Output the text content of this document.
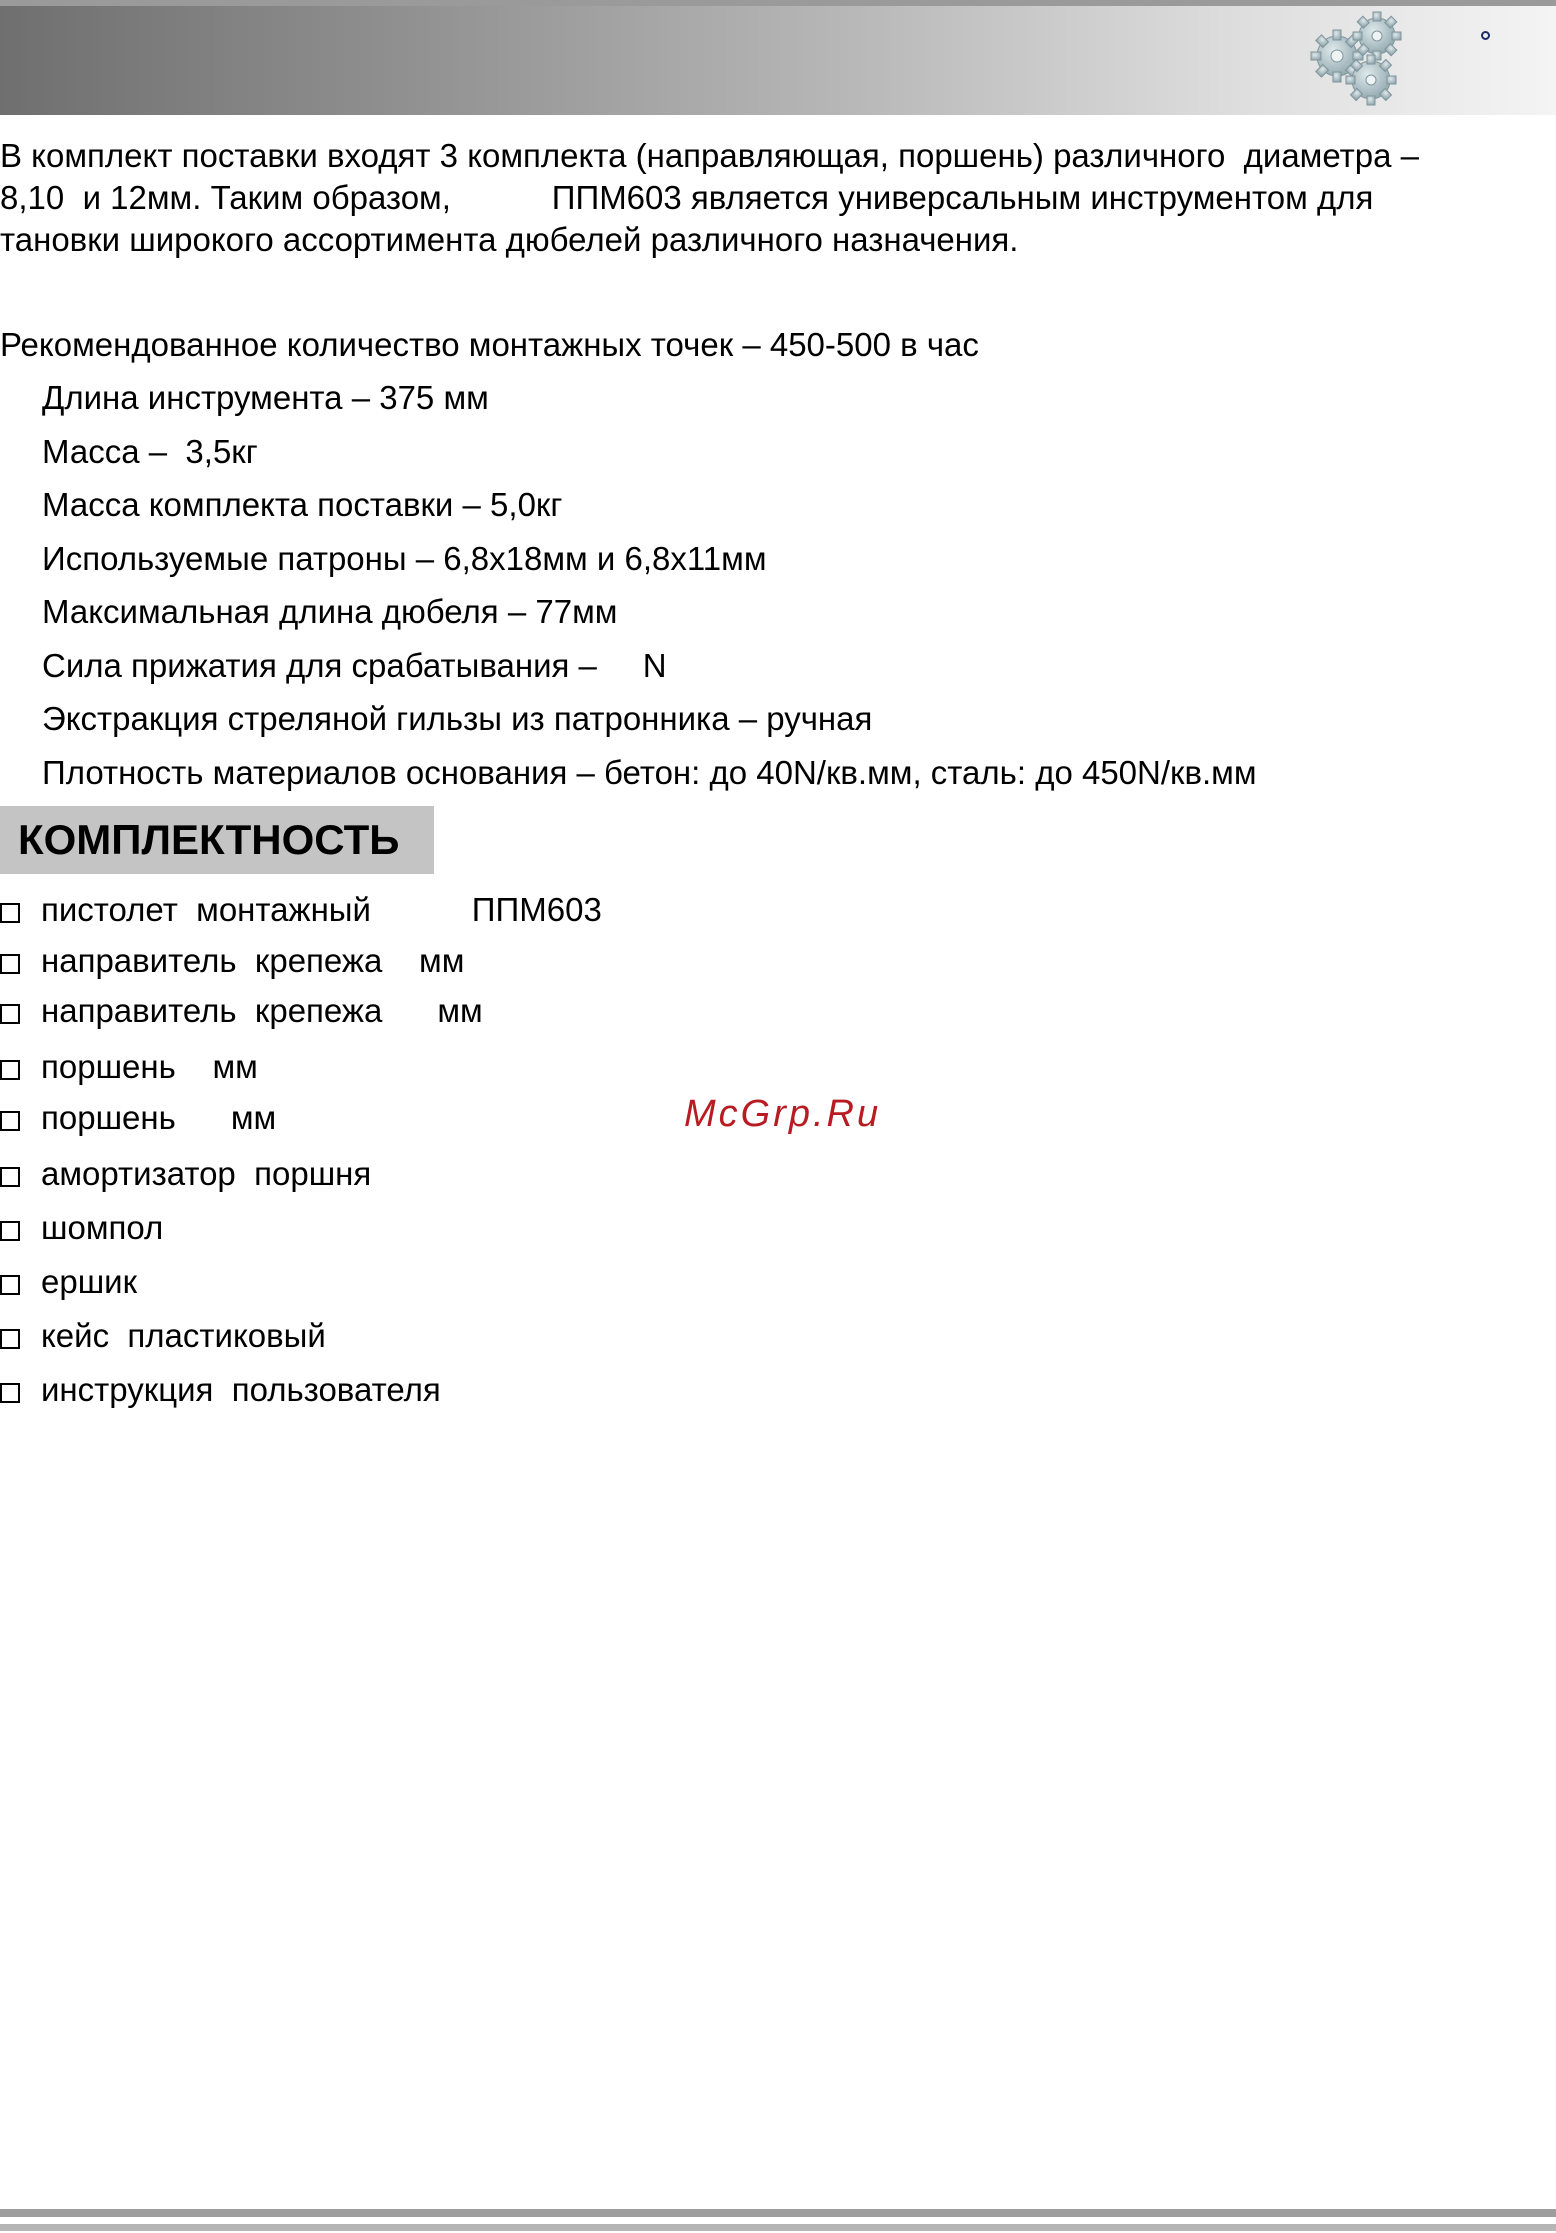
В комплект поставки входят 3 комплекта (направляющая, поршень) различного  диаметра –
8,10  и 12мм. Таким образом,           ППМ603 является универсальным инструментом для
тановки широкого ассортимента дюбелей различного назначения.
Рекомендованное количество монтажных точек – 450-500 в час
Длина инструмента – 375 мм
Масса –  3,5кг
Масса комплекта поставки – 5,0кг
Используемые патроны – 6,8х18мм и 6,8х11мм
Максимальная длина дюбеля – 77мм
Сила прижатия для срабатывания –     N
Экстракция стреляной гильзы из патронника – ручная
Плотность материалов основания – бетон: до 40N/кв.мм, сталь: до 450N/кв.мм
КОМПЛЕКТНОСТЬ
пистолет  монтажный           ППМ603
направитель  крепежа    мм
направитель  крепежа      мм
поршень    мм
поршень      мм
амортизатор  поршня
шомпол
ершик
кейс  пластиковый
инструкция  пользователя
McGrp.Ru
